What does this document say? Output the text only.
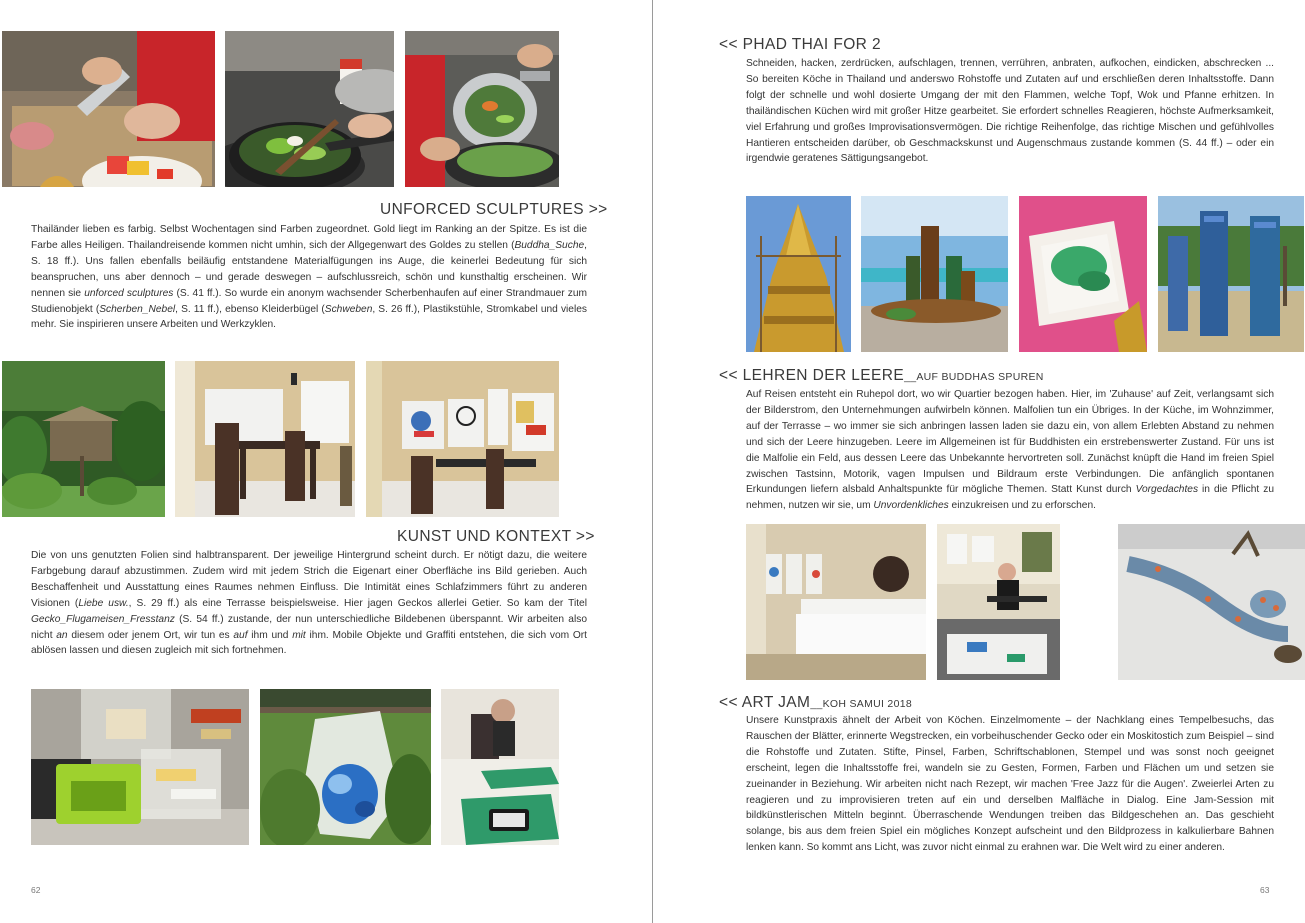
UNFORCED SCULPTURES >>

Thailänder lieben es farbig. Selbst Wochentagen sind Farben zugeordnet. Gold liegt im Ranking an der Spitze. Es ist die Farbe alles Heiligen. Thailandreisende kommen nicht umhin, sich der Allgegenwart des Goldes zu stellen (Buddha_Suche, S. 18 ff.). Uns fallen ebenfalls beiläufig entstandene Materialfügungen ins Auge, die keinerlei Bedeutung für sich beanspruchen, uns aber dennoch – und gerade deswegen – aufschlussreich, schön und kunsthaltig erscheinen. Wir nennen sie unforced sculptures (S. 41 ff.). So wurde ein anonym wachsender Scherbenhaufen auf einer Strandmauer zum Studienobjekt (Scherben_Nebel, S. 11 ff.), ebenso Kleiderbügel (Schweben, S. 26 ff.), Plastikstühle, Stromkabel und vieles mehr. Sie inspirieren unsere Arbeiten und Werkzyklen.

KUNST UND KONTEXT >>

Die von uns genutzten Folien sind halbtransparent. Der jeweilige Hintergrund scheint durch. Er nötigt dazu, die weitere Farbgebung darauf abzustimmen. Zudem wird mit jedem Strich die Eigenart einer Oberfläche ins Bild gerieben. Auch Beschaffenheit und Ausstattung eines Raumes nehmen Einfluss. Die Intimität eines Schlafzimmers führt zu anderen Visionen (Liebe usw., S. 29 ff.) als eine Terrasse beispielsweise. Hier jagen Geckos allerlei Getier. So kam der Titel Gecko_Flugameisen_Fresstanz (S. 54 ff.) zustande, der nun unterschiedliche Bildebenen überspannt. Wir arbeiten also nicht an diesem oder jenem Ort, wir tun es auf ihm und mit ihm. Mobile Objekte und Graffiti entstehen, die sich vom Ort ablösen lassen und diesen zugleich mit sich fortnehmen.

62
<< PHAD THAI FOR 2

Schneiden, hacken, zerdrücken, aufschlagen, trennen, verrühren, anbraten, aufkochen, eindicken, abschrecken ... So bereiten Köche in Thailand und anderswo Rohstoffe und Zutaten auf und erschließen deren Inhaltsstoffe. Dann folgt der schnelle und wohl dosierte Umgang der mit den Flammen, welche Topf, Wok und Pfanne erhitzen. In thailändischen Küchen wird mit großer Hitze gearbeitet. Sie erfordert schnelles Reagieren, höchste Aufmerksamkeit, viel Erfahrung und großes Improvisationsvermögen. Die richtige Reihenfolge, das richtige Mischen und gefühlvolles Hantieren entscheiden darüber, ob Geschmackskunst und Augenschmaus zustande kommen (S. 44 ff.) – oder ein irgendwie geratenes Sättigungsangebot.

<< LEHREN DER LEERE__AUF BUDDHAS SPUREN

Auf Reisen entsteht ein Ruhepol dort, wo wir Quartier bezogen haben. Hier, im 'Zuhause' auf Zeit, verlangsamt sich der Bilderstrom, den Unternehmungen aufwirbeln können. Malfolien tun ein Übriges. In der Küche, im Wohnzimmer, auf der Terrasse – wo immer sie sich anbringen lassen laden sie dazu ein, von allem Erlebten Abstand zu nehmen und sich der Leere hinzugeben. Leere im Allgemeinen ist für Buddhisten ein erstrebenswerter Zustand. Für uns ist die Malfolie ein Feld, aus dessen Leere das Unbekannte hervortreten soll. Zunächst knüpft die Hand im freien Spiel zwischen Tastsinn, Motorik, vagen Impulsen und Bildraum erste Verbindungen. Die anfänglich spontanen Erkundungen liefern alsbald Anhaltspunkte für mögliche Themen. Statt Kunst durch Vorgedachtes in die Pflicht zu nehmen, nutzen wir sie, um Unvordenkliches einzukreisen und zu erforschen.

<< ART JAM__KOH SAMUI 2018

Unsere Kunstpraxis ähnelt der Arbeit von Köchen. Einzelmomente – der Nachklang eines Tempelbesuchs, das Rauschen der Blätter, erinnerte Wegstrecken, ein vorbeihuschender Gecko oder ein Moskitostich zum Beispiel – sind die Rohstoffe und Zutaten. Stifte, Pinsel, Farben, Schriftschablonen, Stempel und was sonst noch geeignet erscheint, legen die Inhaltsstoffe frei, wandeln sie zu Gesten, Formen, Farben und Flächen um und setzen sie zueinander in Beziehung. Wir arbeiten nicht nach Rezept, wir machen 'Free Jazz für die Augen'. Zweierlei Arten zu reagieren und zu improvisieren treten auf ein und derselben Malfläche in Dialog. Eine Jam-Session mit bildkünstlerischen Mitteln beginnt. Überraschende Wendungen treiben das Bildgeschehen an. Das geschieht solange, bis aus dem freien Spiel ein mögliches Konzept aufscheint und den Bildprozess in kalkulierbare Bahnen lenken kann. So kommt ans Licht, was zuvor nicht einmal zu erahnen war. Die Welt wird zu einer anderen.

63
